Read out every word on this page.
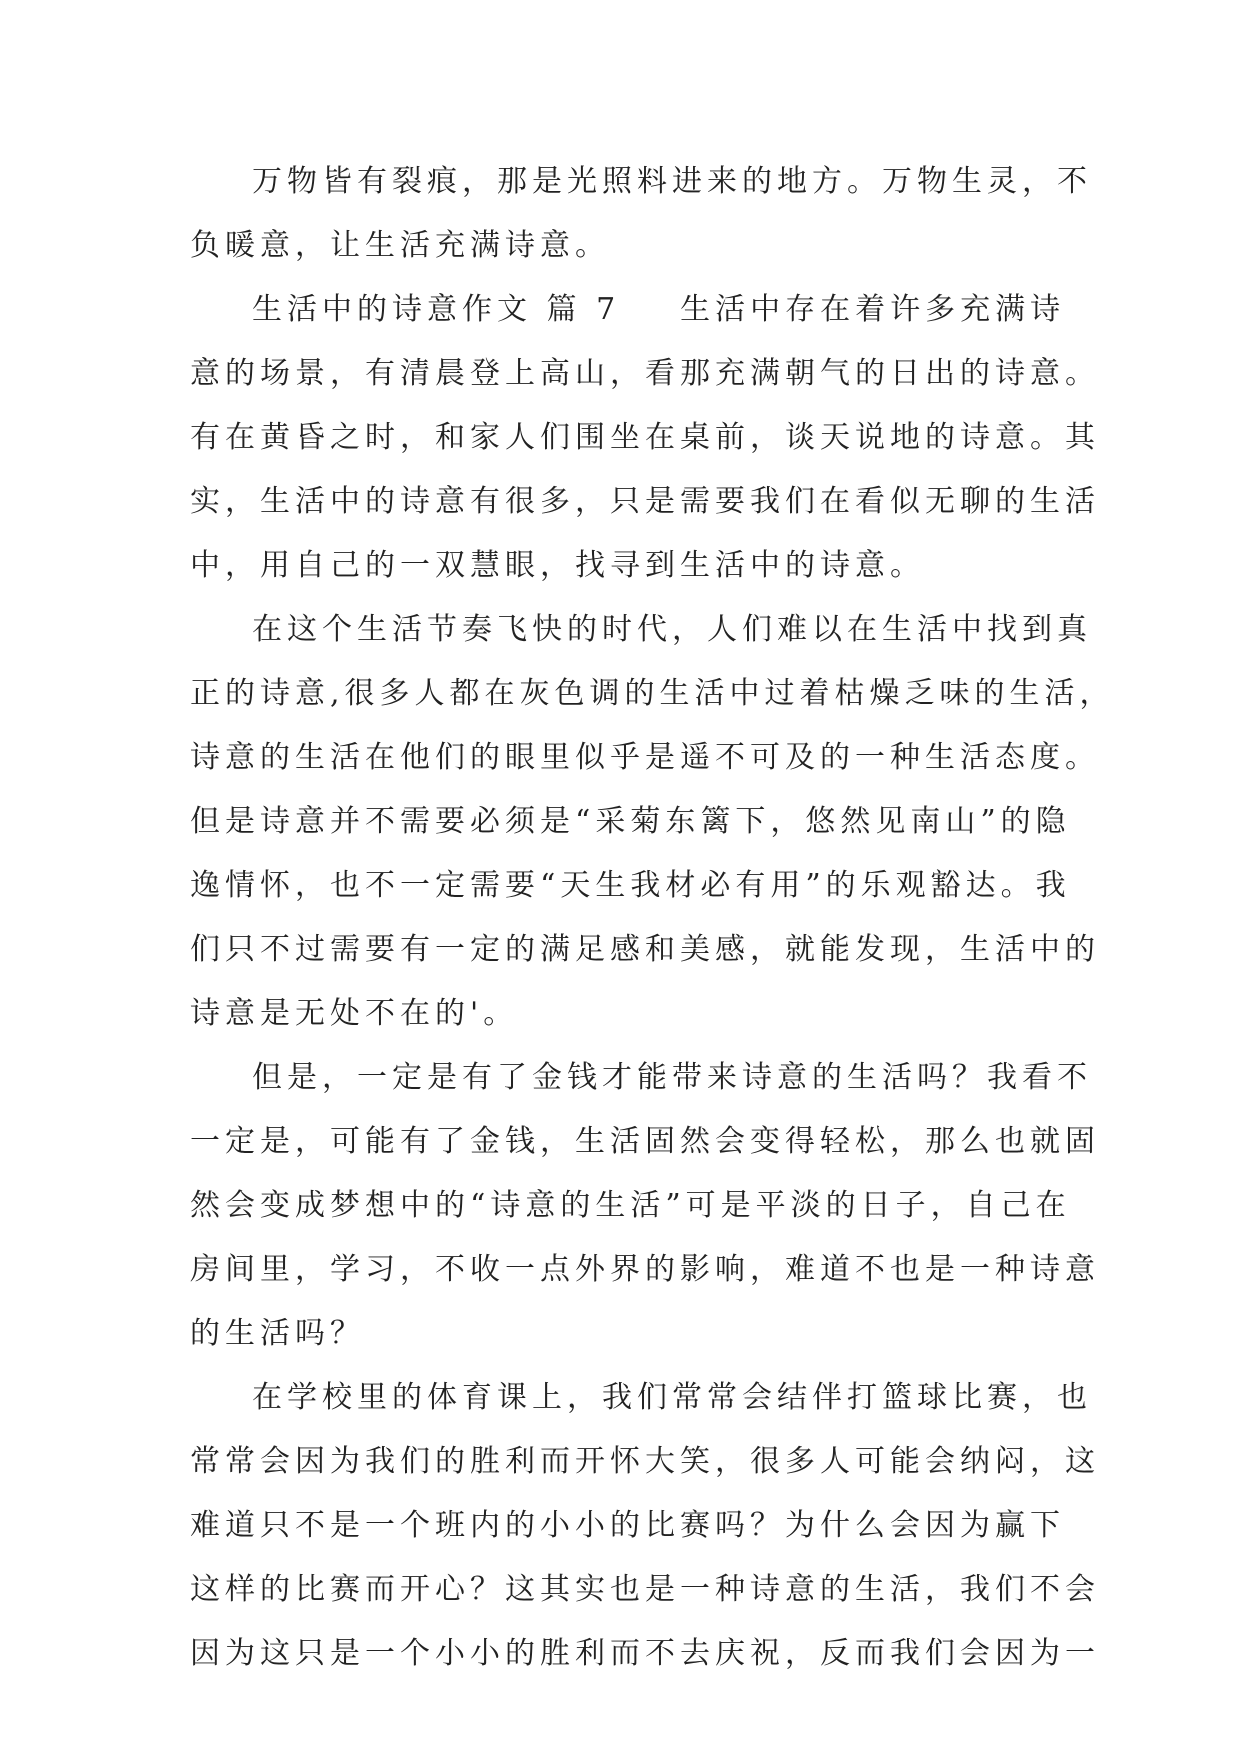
万物皆有裂痕，那是光照料进来的地方。万物生灵，不
负暖意，让生活充满诗意。
生活中的诗意作文 篇 7 生活中存在着许多充满诗
意的场景，有清晨登上高山，看那充满朝气的日出的诗意。
有在黄昏之时，和家人们围坐在桌前，谈天说地的诗意。其
实，生活中的诗意有很多，只是需要我们在看似无聊的生活
中，用自己的一双慧眼，找寻到生活中的诗意。
在这个生活节奏飞快的时代，人们难以在生活中找到真
正的诗意,很多人都在灰色调的生活中过着枯燥乏味的生活，
诗意的生活在他们的眼里似乎是遥不可及的一种生活态度。
但是诗意并不需要必须是“采菊东篱下，悠然见南山”的隐
逸情怀，也不一定需要“天生我材必有用”的乐观豁达。我
们只不过需要有一定的满足感和美感，就能发现，生活中的
诗意是无处不在的'。
但是，一定是有了金钱才能带来诗意的生活吗？我看不
一定是，可能有了金钱，生活固然会变得轻松，那么也就固
然会变成梦想中的“诗意的生活”可是平淡的日子，自己在
房间里，学习，不收一点外界的影响，难道不也是一种诗意
的生活吗？
在学校里的体育课上，我们常常会结伴打篮球比赛，也
常常会因为我们的胜利而开怀大笑，很多人可能会纳闷，这
难道只不是一个班内的小小的比赛吗？为什么会因为赢下
这样的比赛而开心？这其实也是一种诗意的生活，我们不会
因为这只是一个小小的胜利而不去庆祝，反而我们会因为一
